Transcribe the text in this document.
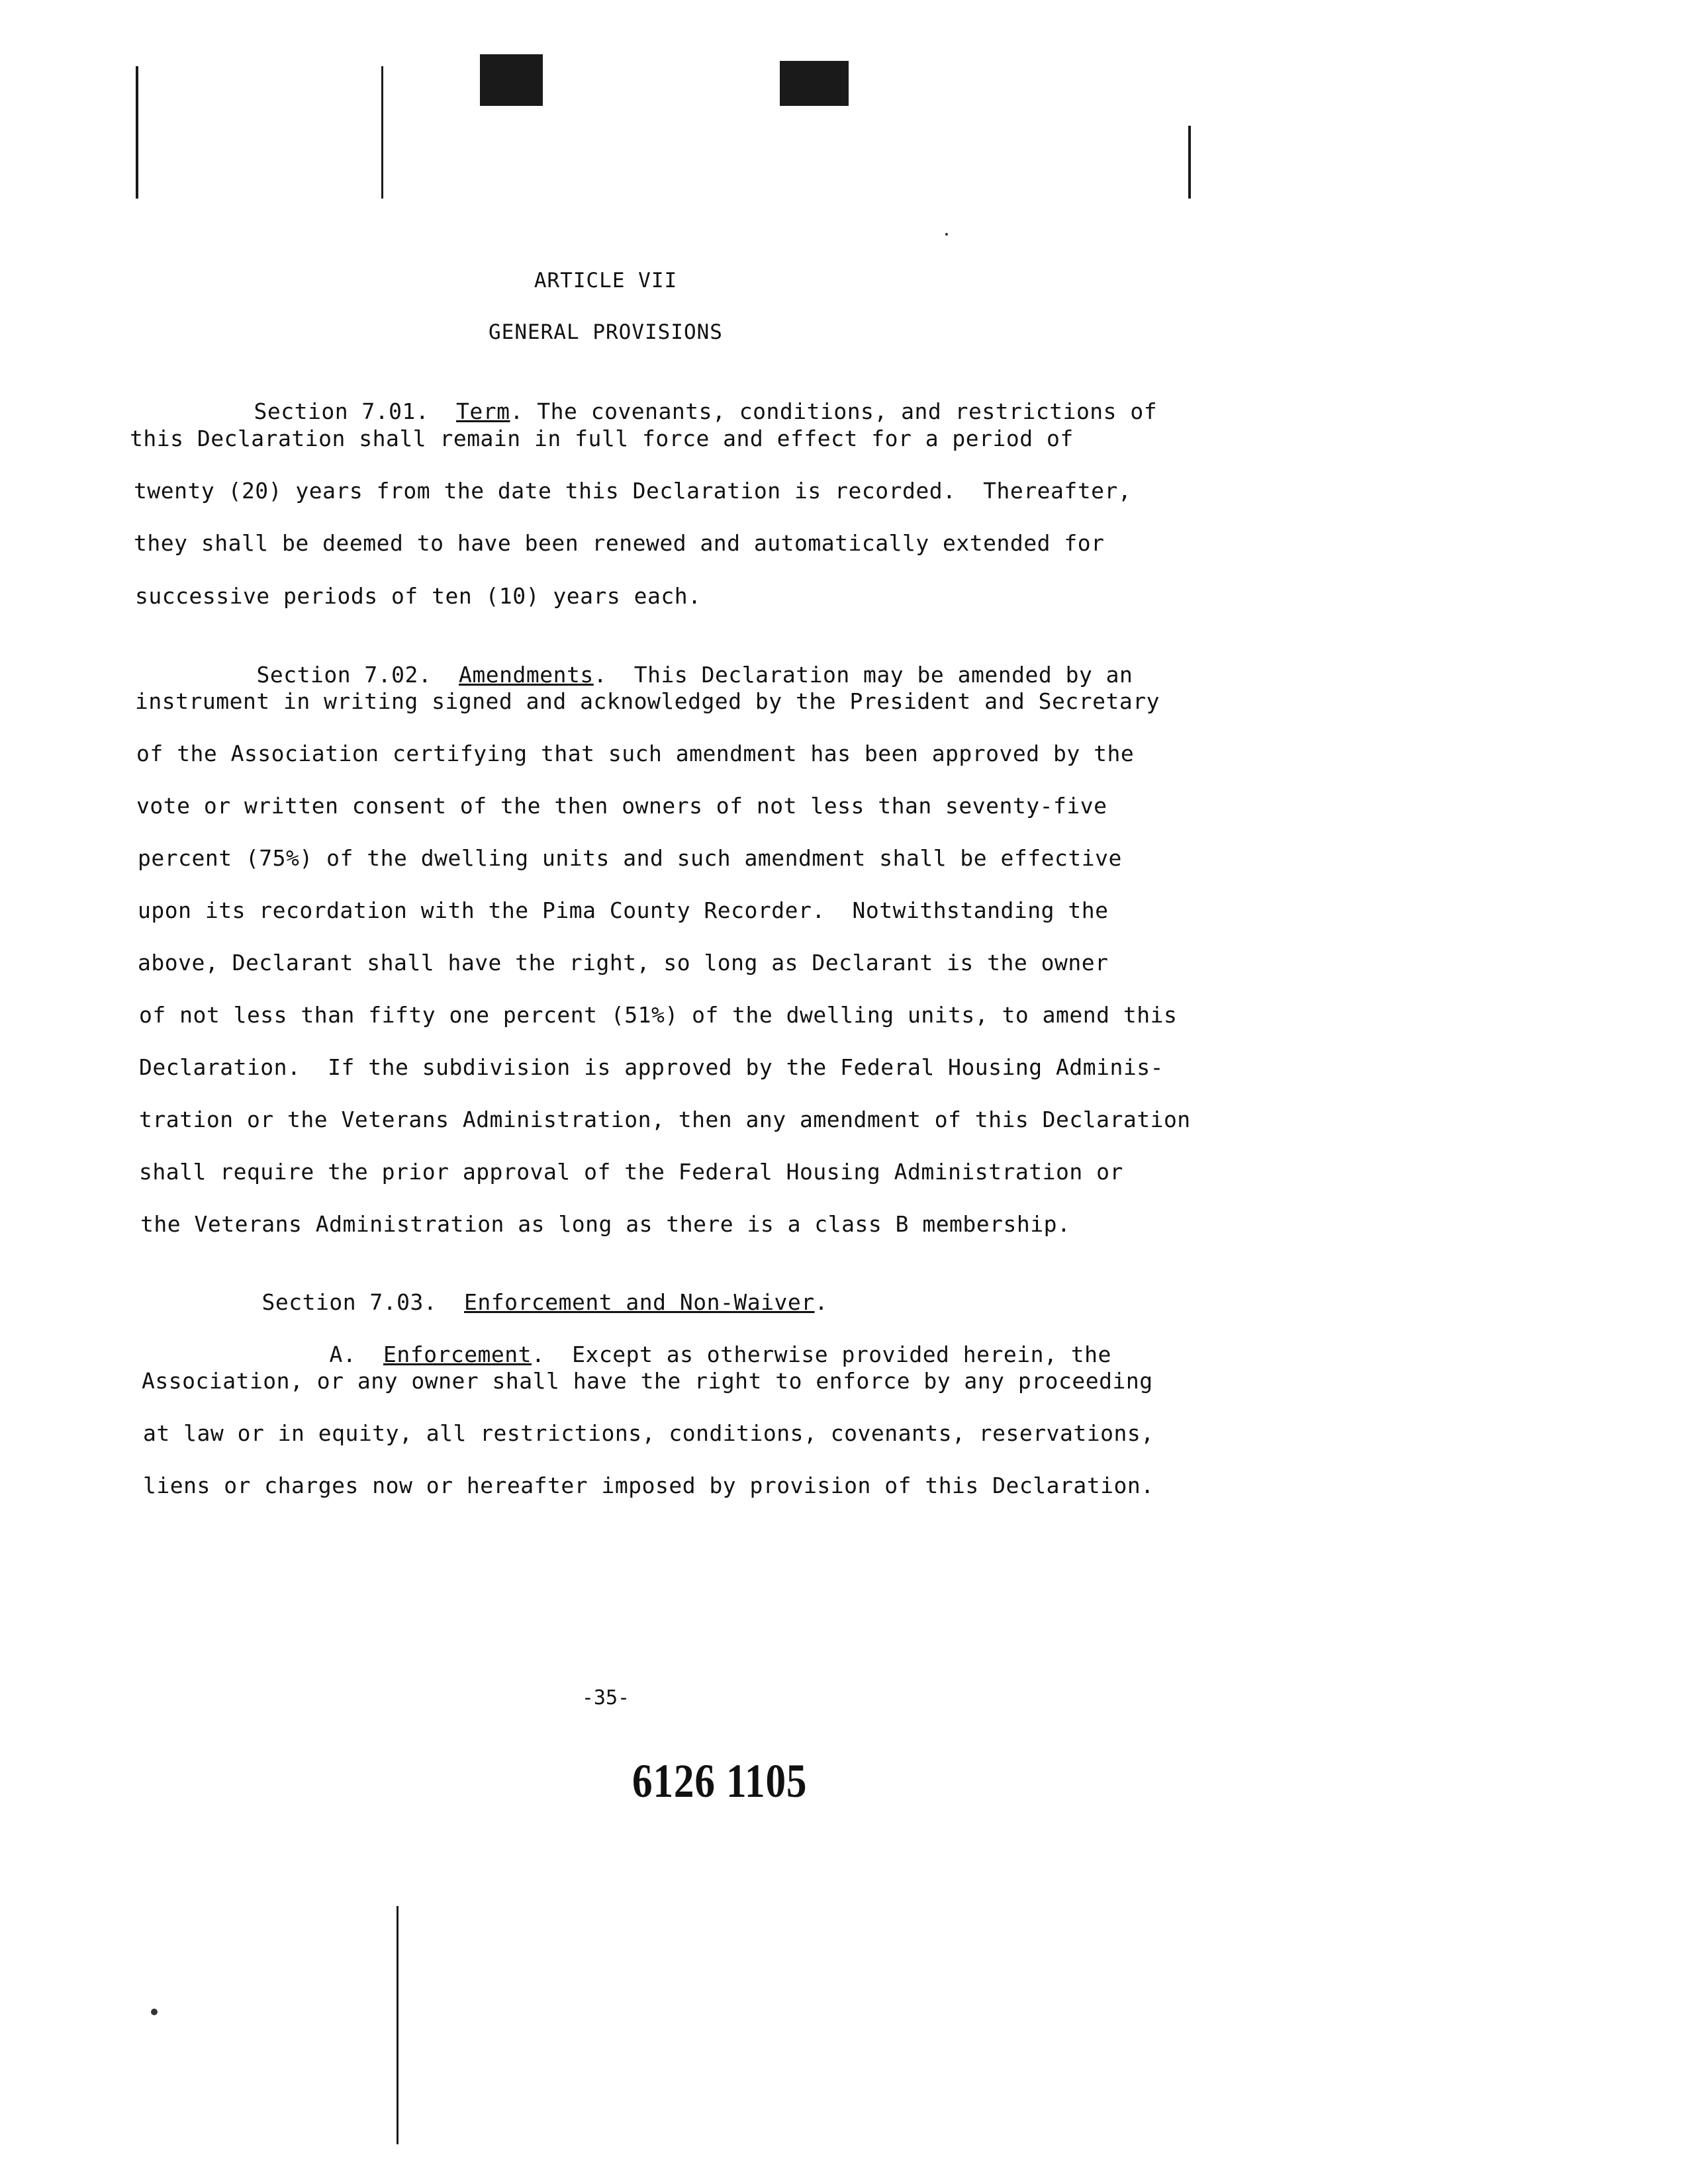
ARTICLE VII
GENERAL PROVISIONS

Section 7.01. Term. The covenants, conditions, and restrictions of

this Declaration shall remain in full force and effect for a period of
twenty (20) years from the date this Declaration is recorded.  Thereafter,
they shall be deemed to have been renewed and automatically extended for
successive periods of ten (10) years each.

Section 7.02. Amendments.  This Declaration may be amended by an

instrument in writing signed and acknowledged by the President and Secretary
of the Association certifying that such amendment has been approved by the
vote or written consent of the then owners of not less than seventy-five
percent (75%) of the dwelling units and such amendment shall be effective
upon its recordation with the Pima County Recorder.  Notwithstanding the
above, Declarant shall have the right, so long as Declarant is the owner
of not less than fifty one percent (51%) of the dwelling units, to amend this
Declaration.  If the subdivision is approved by the Federal Housing Adminis-
tration or the Veterans Administration, then any amendment of this Declaration
shall require the prior approval of the Federal Housing Administration or
the Veterans Administration as long as there is a class B membership.

Section 7.03. Enforcement and Non-Waiver.

A. Enforcement.  Except as otherwise provided herein, the

Association, or any owner shall have the right to enforce by any proceeding
at law or in equity, all restrictions, conditions, covenants, reservations,
liens or charges now or hereafter imposed by provision of this Declaration.
-35-
6126 1105
